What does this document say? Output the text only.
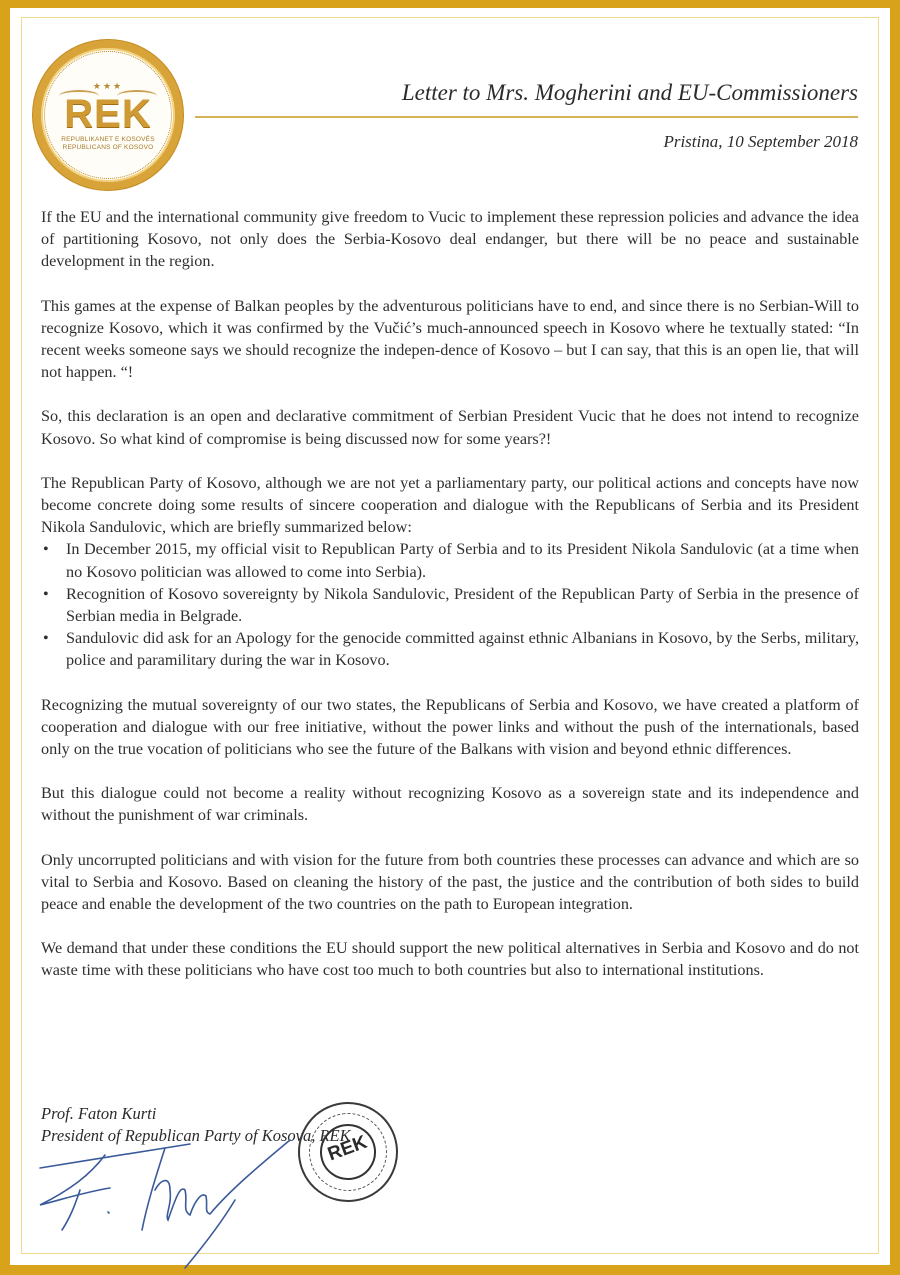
★★★
REK
REPUBLIKANET E KOSOVËS
REPUBLICANS OF KOSOVO
Letter to Mrs. Mogherini and EU-Commissioners
Pristina, 10 September 2018

If the EU and the international community give freedom to Vucic to implement these repression policies and advance the idea of partitioning Kosovo, not only does the Serbia-Kosovo deal endanger, but there will be no peace and sustainable development in the region.

This games at the expense of Balkan peoples by the adventurous politicians have to end, and since there is no Serbian-Will to recognize Kosovo, which it was confirmed by the Vučić’s much-announced speech in Kosovo where he textually stated: “In recent weeks someone says we should recognize the indepen-dence of Kosovo – but I can say, that this is an open lie, that will not happen. “!

So, this declaration is an open and declarative commitment of Serbian President Vucic that he does not intend to recognize Kosovo. So what kind of compromise is being discussed now for some years?!

The Republican Party of Kosovo, although we are not yet a parliamentary party, our political actions and concepts have now become concrete doing some results of sincere cooperation and dialogue with the Republicans of Serbia and its President Nikola Sandulovic, which are briefly summarized below:

• In December 2015, my official visit to Republican Party of Serbia and to its President Nikola Sandulovic (at a time when no Kosovo politician was allowed to come into Serbia).
• Recognition of Kosovo sovereignty by Nikola Sandulovic, President of the Republican Party of Serbia in the presence of Serbian media in Belgrade.
• Sandulovic did ask for an Apology for the genocide committed against ethnic Albanians in Kosovo, by the Serbs, military, police and paramilitary during the war in Kosovo.

Recognizing the mutual sovereignty of our two states, the Republicans of Serbia and Kosovo, we have created a platform of cooperation and dialogue with our free initiative, without the power links and without the push of the internationals, based only on the true vocation of politicians who see the future of the Balkans with vision and beyond ethnic differences.

But this dialogue could not become a reality without recognizing Kosovo as a sovereign state and its independence and without the punishment of war criminals.

Only uncorrupted politicians and with vision for the future from both countries these processes can advance and which are so vital to Serbia and Kosovo. Based on cleaning the history of the past, the justice and the contribution of both sides to build peace and enable the development of the two countries on the path to European integration.

We demand that under these conditions the EU should support the new political alternatives in Serbia and Kosovo and do not waste time with these politicians who have cost too much to both countries but also to international institutions.

Prof. Faton Kurti
President of Republican Party of Kosova, REK
REK
